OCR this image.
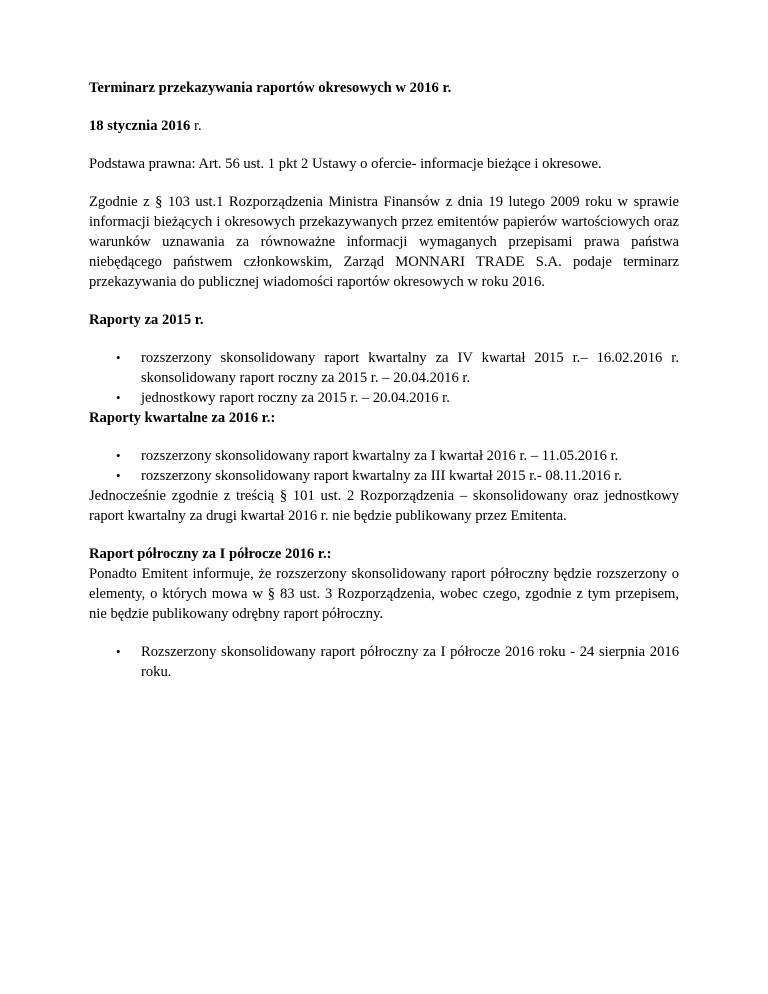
Terminarz przekazywania raportów okresowych w 2016 r.

18 stycznia 2016 r.

Podstawa prawna: Art. 56 ust. 1 pkt 2 Ustawy o ofercie- informacje bieżące i okresowe.

Zgodnie z § 103 ust.1 Rozporządzenia Ministra Finansów z dnia 19 lutego 2009 roku w sprawie informacji bieżących i okresowych przekazywanych przez emitentów papierów wartościowych oraz warunków uznawania za równoważne informacji wymaganych przepisami prawa państwa niebędącego państwem członkowskim, Zarząd MONNARI TRADE S.A. podaje terminarz przekazywania do publicznej wiadomości raportów okresowych w roku 2016.

Raporty za 2015 r.

• rozszerzony skonsolidowany raport kwartalny za IV kwartał 2015 r.– 16.02.2016 r. skonsolidowany raport roczny za 2015 r. – 20.04.2016 r.
• jednostkowy raport roczny za 2015 r. – 20.04.2016 r.

Raporty kwartalne za 2016 r.:

• rozszerzony skonsolidowany raport kwartalny za I kwartał 2016 r. – 11.05.2016 r.
• rozszerzony skonsolidowany raport kwartalny za III kwartał 2015 r.- 08.11.2016 r.

Jednocześnie zgodnie z treścią § 101 ust. 2 Rozporządzenia – skonsolidowany oraz jednostkowy raport kwartalny za drugi kwartał 2016 r. nie będzie publikowany przez Emitenta.

Raport półroczny za I półrocze 2016 r.:

Ponadto Emitent informuje, że rozszerzony skonsolidowany raport półroczny będzie rozszerzony o elementy, o których mowa w § 83 ust. 3 Rozporządzenia, wobec czego, zgodnie z tym przepisem, nie będzie publikowany odrębny raport półroczny.

• Rozszerzony skonsolidowany raport półroczny za I półrocze 2016 roku - 24 sierpnia 2016 roku.
